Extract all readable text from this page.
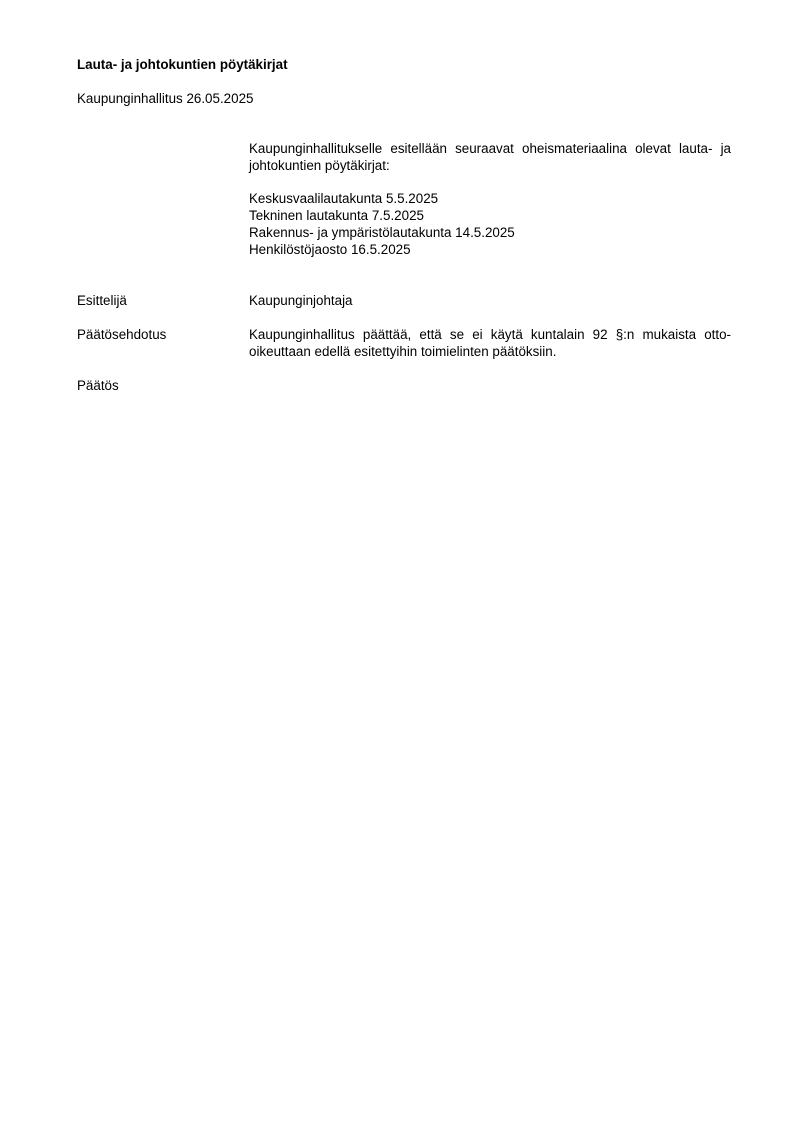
Lauta- ja johtokuntien pöytäkirjat
Kaupunginhallitus 26.05.2025
Kaupunginhallitukselle esitellään seuraavat oheismateriaalina olevat lauta- ja johtokuntien pöytäkirjat:
Keskusvaalilautakunta 5.5.2025
Tekninen lautakunta 7.5.2025
Rakennus- ja ympäristölautakunta 14.5.2025
Henkilöstöjaosto 16.5.2025
Esittelijä	Kaupunginjohtaja
Päätösehdotus	Kaupunginhallitus päättää, että se ei käytä kuntalain 92 §:n mukaista otto-oikeuttaan edellä esitettyihin toimielinten päätöksiin.
Päätös
